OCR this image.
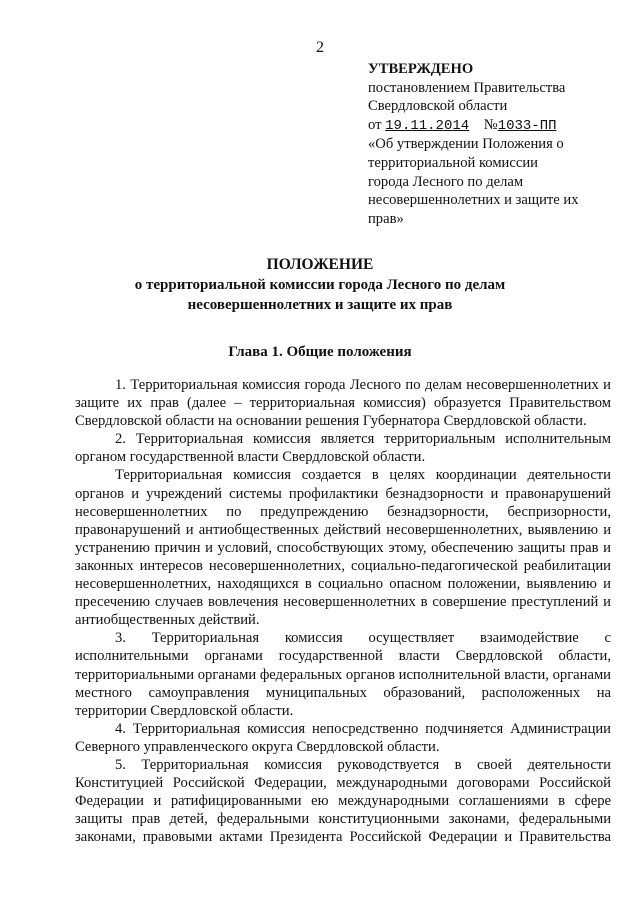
2
УТВЕРЖДЕНО
постановлением Правительства
Свердловской области
от 19.11.2014 №1033-ПП
«Об утверждении Положения о
территориальной комиссии
города Лесного по делам
несовершеннолетних и защите их
прав»
ПОЛОЖЕНИЕ
о территориальной комиссии города Лесного по делам
несовершеннолетних и защите их прав
Глава 1. Общие положения

1. Территориальная комиссия города Лесного по делам несовершеннолетних и защите их прав (далее – территориальная комиссия) образуется Правительством Свердловской области на основании решения Губернатора Свердловской области.

2. Территориальная комиссия является территориальным исполнительным органом государственной власти Свердловской области.

Территориальная комиссия создается в целях координации деятельности органов и учреждений системы профилактики безнадзорности и правонарушений несовершеннолетних по предупреждению безнадзорности, беспризорности, правонарушений и антиобщественных действий несовершеннолетних, выявлению и устранению причин и условий, способствующих этому, обеспечению защиты прав и законных интересов несовершеннолетних, социально-педагогической реабилитации несовершеннолетних, находящихся в социально опасном положении, выявлению и пресечению случаев вовлечения несовершеннолетних в совершение преступлений и антиобщественных действий.

3. Территориальная комиссия осуществляет взаимодействие с исполнительными органами государственной власти Свердловской области, территориальными органами федеральных органов исполнительной власти, органами местного самоуправления муниципальных образований, расположенных на территории Свердловской области.

4. Территориальная комиссия непосредственно подчиняется Администрации Северного управленческого округа Свердловской области.

5. Территориальная комиссия руководствуется в своей деятельности Конституцией Российской Федерации, международными договорами Российской Федерации и ратифицированными ею международными соглашениями в сфере защиты прав детей, федеральными конституционными законами, федеральными законами, правовыми актами Президента Российской Федерации и Правительства
